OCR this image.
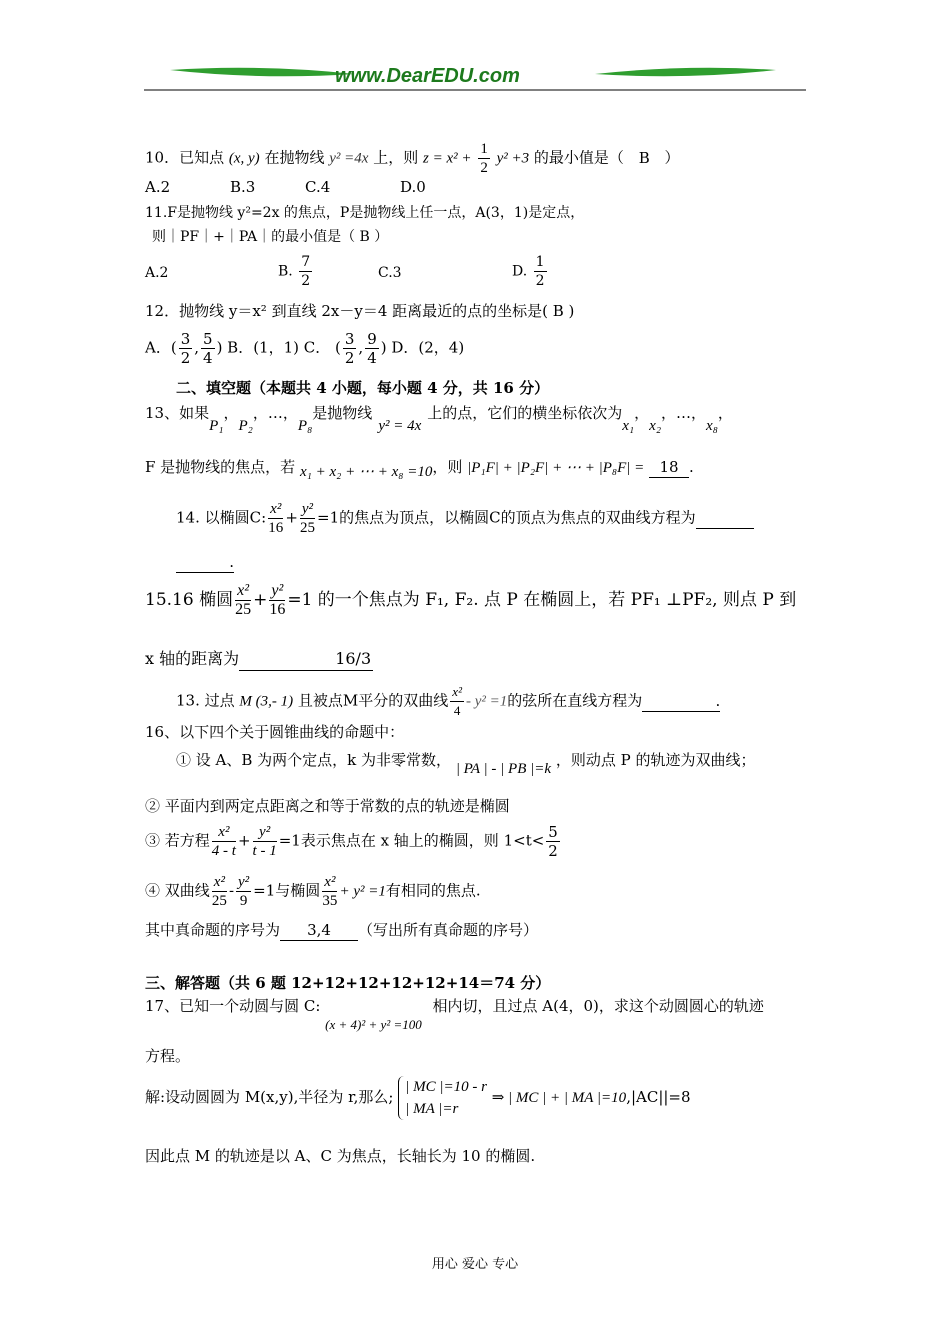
www.DearEDU.com
10．已知点 (x, y) 在抛物线 y² =4x 上，则 $z = x^2 + \frac{1}{2} y^2 +3$ 的最小值是（ B ）
A.2	B.3	C.4	D.0
11.F是抛物线 y²=2x 的焦点，P是抛物线上任一点，A(3，1)是定点，
则｜PF｜+｜PA｜的最小值是（ B ）
A.2	B. $\frac{7}{2}$	C.3	D. $\frac{1}{2}$
12．抛物线 y＝x² 到直线 2x－y＝4 距离最近的点的坐标是( B )
A．( $\frac{3}{2}$ , $\frac{5}{4}$ ) B．(1，1) C． ( $\frac{3}{2}$ , $\frac{9}{4}$ ) D．(2，4)
二、填空题（本题共 4 小题，每小题 4 分，共 16 分）
13、如果P₁，P₂，…，P₈是抛物线y² = 4x上的点，它们的横坐标依次为x₁，x₂，…，x₈，
F 是抛物线的焦点，若 x₁ + x₂ + ⋯ + x₈ =10，则 |P₁F| + |P₂F| + ⋯ + |P₈F| = 18 .
14. 以椭圆C: $\frac{\text{x²}}{16} + \frac{\text{y²}}{25} =1$的焦点为顶点，以椭圆C的顶点为焦点的双曲线方程为
.
15.16 椭圆 $\frac{\text{x²}}{25} + \frac{\text{y²}}{16} =1$ 的一个焦点为 F₁, F₂. 点 P 在椭圆上，若 PF₁ ⊥PF₂, 则点 P 到
x 轴的距离为	16/3
13. 过点 M (3,- 1) 且被点M平分的双曲线 $\frac{\text{x²}}{4} - y^2 =1$的弦所在直线方程为	.
16、以下四个关于圆锥曲线的命题中：
① 设 A、B 为两个定点，k 为非零常数， | PA | - | PB |=k ，则动点 P 的轨迹为双曲线；
② 平面内到两定点距离之和等于常数的点的轨迹是椭圆
③ 若方程 $\frac{\text{x²}}{4 - t} + \frac{\text{y²}}{t - 1} =1$表示焦点在 x 轴上的椭圆，则 $1<t< \frac{5}{2}$
④ 双曲线 $\frac{\text{x²}}{25} - \frac{\text{y²}}{9} =1$与椭圆 $\frac{\text{x²}}{35} + y^2 =1$有相同的焦点.
其中真命题的序号为 3,4 （写出所有真命题的序号）
三、解答题（共 6 题 12+12+12+12+12+14＝74 分）
17、已知一个动圆与圆 C: (x + 4)² + y² =100 相内切，且过点 A(4，0)，求这个动圆圆心的轨迹
方程。
解:设动圆圆为 M(x,y),半径为 r,那么;
| MC |=10 - r
| MA |=r
⇒ | MC | + | MA |=10,|AC||=8
因此点 M 的轨迹是以 A、C 为焦点，长轴长为 10 的椭圆.
用心 爱心 专心
